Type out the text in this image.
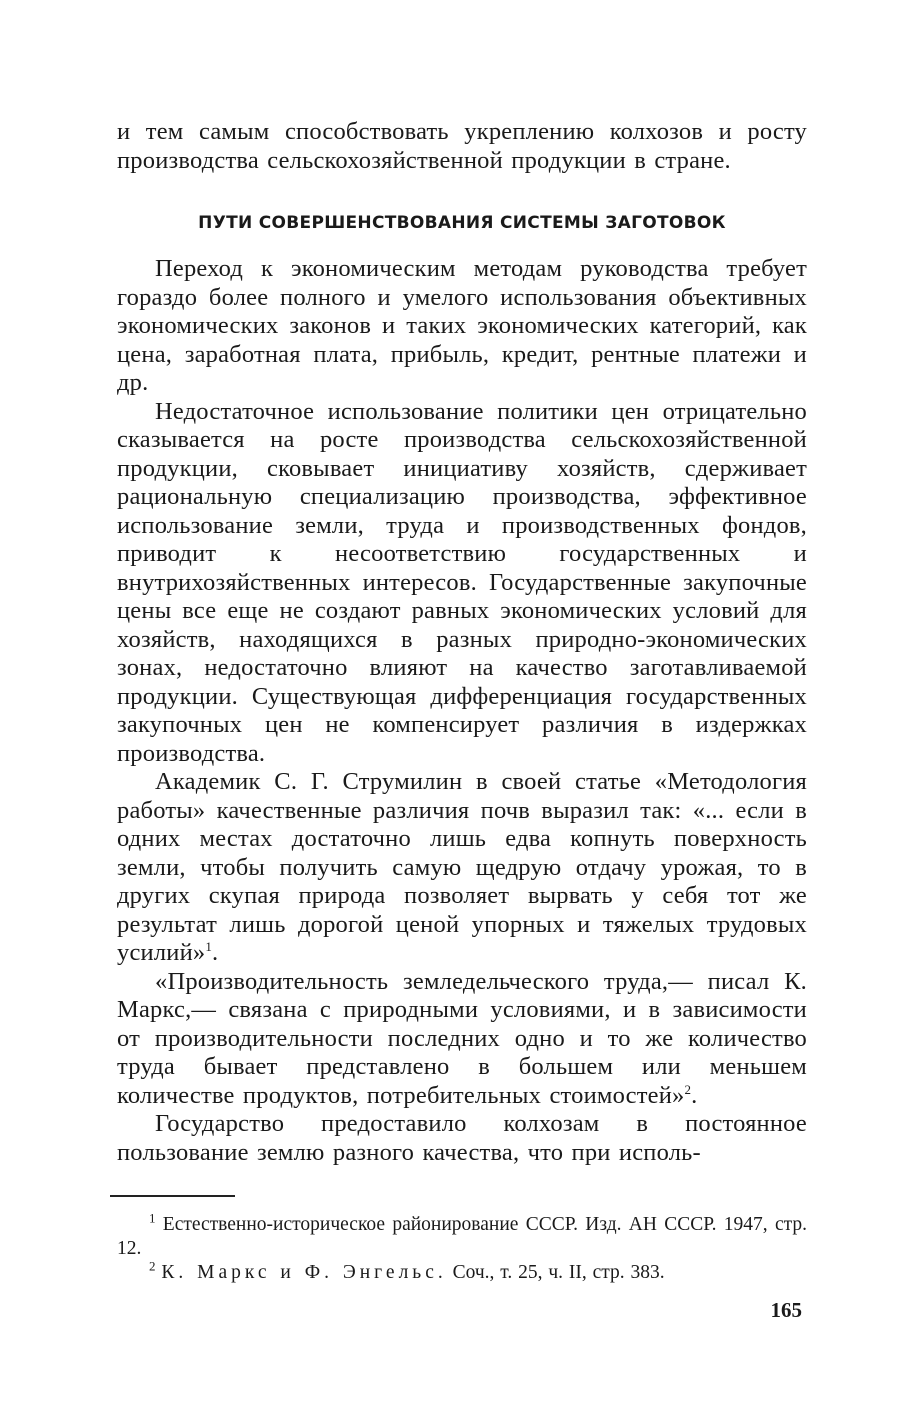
и тем самым способствовать укреплению колхозов и росту производства сельскохозяйственной продукции в стране.

ПУТИ СОВЕРШЕНСТВОВАНИЯ СИСТЕМЫ ЗАГОТОВОК

Переход к экономическим методам руководства требует гораздо более полного и умелого использования объективных экономических законов и таких экономических категорий, как цена, заработная плата, прибыль, кредит, рентные платежи и др.

Недостаточное использование политики цен отрицательно сказывается на росте производства сельскохозяйственной продукции, сковывает инициативу хозяйств, сдерживает рациональную специализацию производства, эффективное использование земли, труда и производственных фондов, приводит к несоответствию государственных и внутрихозяйственных интересов. Государственные закупочные цены все еще не создают равных экономических условий для хозяйств, находящихся в разных природно-экономических зонах, недостаточно влияют на качество заготавливаемой продукции. Существующая дифференциация государственных закупочных цен не компенсирует различия в издержках производства.

Академик С. Г. Струмилин в своей статье «Методология работы» качественные различия почв выразил так: «... если в одних местах достаточно лишь едва копнуть поверхность земли, чтобы получить самую щедрую отдачу урожая, то в других скупая природа позволяет вырвать у себя тот же результат лишь дорогой ценой упорных и тяжелых трудовых усилий»$^1$.

«Производительность земледельческого труда,— писал К. Маркс,— связана с природными условиями, и в зависимости от производительности последних одно и то же количество труда бывает представлено в большем или меньшем количестве продуктов, потребительных стоимостей»$^2$.

Государство предоставило колхозам в постоянное пользование землю разного качества, что при исполь-

$^1$ Естественно-историческое районирование СССР. Изд. АН СССР. 1947, стр. 12.

$^2$ К. Маркс и Ф. Энгельс. Соч., т. 25, ч. II, стр. 383.

165
